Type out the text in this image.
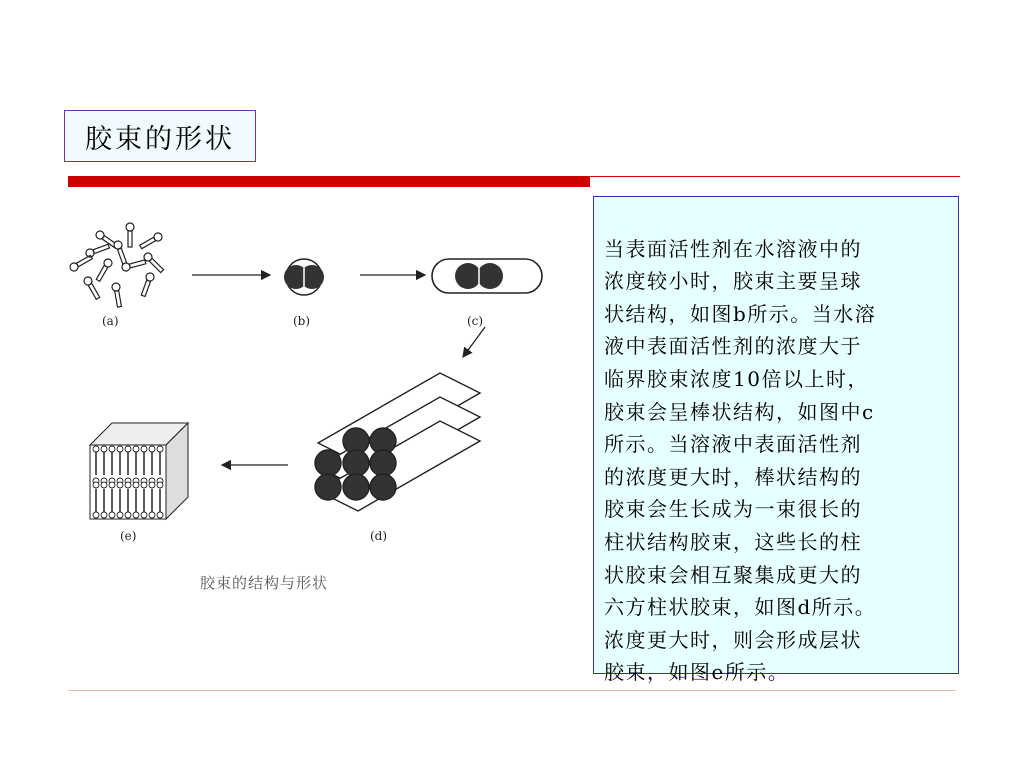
胶束的形状

当表面活性剂在水溶液中的
浓度较小时，胶束主要呈球
状结构，如图b所示。当水溶
液中表面活性剂的浓度大于
临界胶束浓度10倍以上时，
胶束会呈棒状结构，如图中c
所示。当溶液中表面活性剂
的浓度更大时，棒状结构的
胶束会生长成为一束很长的
柱状结构胶束，这些长的柱
状胶束会相互聚集成更大的
六方柱状胶束，如图d所示。
浓度更大时，则会形成层状
胶束，如图e所示。

(a)	(b)	(c)
(d)
(e)
胶束的结构与形状
